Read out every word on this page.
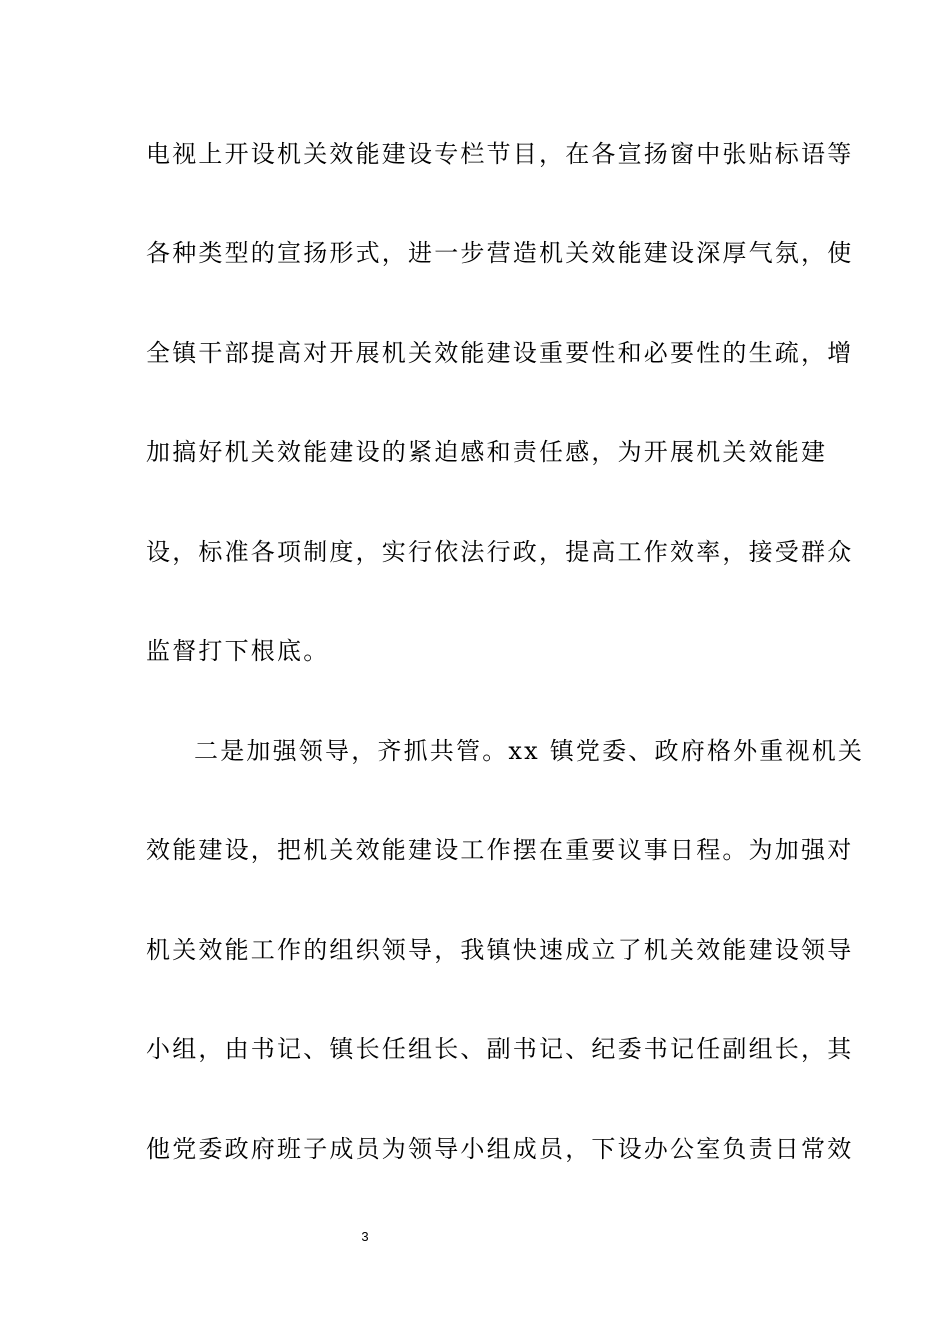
电视上开设机关效能建设专栏节目，在各宣扬窗中张贴标语等
各种类型的宣扬形式，进一步营造机关效能建设深厚气氛，使
全镇干部提高对开展机关效能建设重要性和必要性的生疏，增
加搞好机关效能建设的紧迫感和责任感，为开展机关效能建
设，标准各项制度，实行依法行政，提高工作效率，接受群众
监督打下根底。
二是加强领导，齐抓共管。xx 镇党委、政府格外重视机关
效能建设，把机关效能建设工作摆在重要议事日程。为加强对
机关效能工作的组织领导，我镇快速成立了机关效能建设领导
小组，由书记、镇长任组长、副书记、纪委书记任副组长，其
他党委政府班子成员为领导小组成员，下设办公室负责日常效
3
